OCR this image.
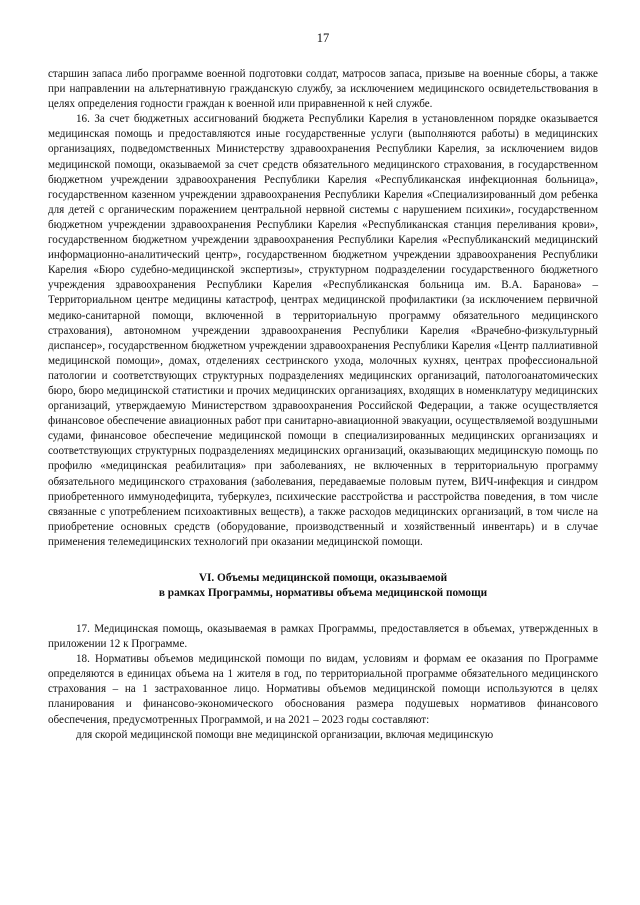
17

старшин запаса либо программе военной подготовки солдат, матросов запаса, призыве на военные сборы, а также при направлении на альтернативную гражданскую службу, за исключением медицинского освидетельствования в целях определения годности граждан к военной или приравненной к ней службе.

16. За счет бюджетных ассигнований бюджета Республики Карелия в установленном порядке оказывается медицинская помощь и предоставляются иные государственные услуги (выполняются работы) в медицинских организациях, подведомственных Министерству здравоохранения Республики Карелия, за исключением видов медицинской помощи, оказываемой за счет средств обязательного медицинского страхования, в государственном бюджетном учреждении здравоохранения Республики Карелия «Республиканская инфекционная больница», государственном казенном учреждении здравоохранения Республики Карелия «Специализированный дом ребенка для детей с органическим поражением центральной нервной системы с нарушением психики», государственном бюджетном учреждении здравоохранения Республики Карелия «Республиканская станция переливания крови», государственном бюджетном учреждении здравоохранения Республики Карелия «Республиканский медицинский информационно-аналитический центр», государственном бюджетном учреждении здравоохранения Республики Карелия «Бюро судебно-медицинской экспертизы», структурном подразделении государственного бюджетного учреждения здравоохранения Республики Карелия «Республиканская больница им. В.А. Баранова» – Территориальном центре медицины катастроф, центрах медицинской профилактики (за исключением первичной медико-санитарной помощи, включенной в территориальную программу обязательного медицинского страхования), автономном учреждении здравоохранения Республики Карелия «Врачебно-физкультурный диспансер», государственном бюджетном учреждении здравоохранения Республики Карелия «Центр паллиативной медицинской помощи», домах, отделениях сестринского ухода, молочных кухнях, центрах профессиональной патологии и соответствующих структурных подразделениях медицинских организаций, патологоанатомических бюро, бюро медицинской статистики и прочих медицинских организациях, входящих в номенклатуру медицинских организаций, утверждаемую Министерством здравоохранения Российской Федерации, а также осуществляется финансовое обеспечение авиационных работ при санитарно-авиационной эвакуации, осуществляемой воздушными судами, финансовое обеспечение медицинской помощи в специализированных медицинских организациях и соответствующих структурных подразделениях медицинских организаций, оказывающих медицинскую помощь по профилю «медицинская реабилитация» при заболеваниях, не включенных в территориальную программу обязательного медицинского страхования (заболевания, передаваемые половым путем, ВИЧ-инфекция и синдром приобретенного иммунодефицита, туберкулез, психические расстройства и расстройства поведения, в том числе связанные с употреблением психоактивных веществ), а также расходов медицинских организаций, в том числе на приобретение основных средств (оборудование, производственный и хозяйственный инвентарь) и в случае применения телемедицинских технологий при оказании медицинской помощи.

VI. Объемы медицинской помощи, оказываемой
в рамках Программы, нормативы объема медицинской помощи

17. Медицинская помощь, оказываемая в рамках Программы, предоставляется в объемах, утвержденных в приложении 12 к Программе.

18. Нормативы объемов медицинской помощи по видам, условиям и формам ее оказания по Программе определяются в единицах объема на 1 жителя в год, по территориальной программе обязательного медицинского страхования – на 1 застрахованное лицо. Нормативы объемов медицинской помощи используются в целях планирования и финансово-экономического обоснования размера подушевых нормативов финансового обеспечения, предусмотренных Программой, и на 2021 – 2023 годы составляют:

для скорой медицинской помощи вне медицинской организации, включая медицинскую
